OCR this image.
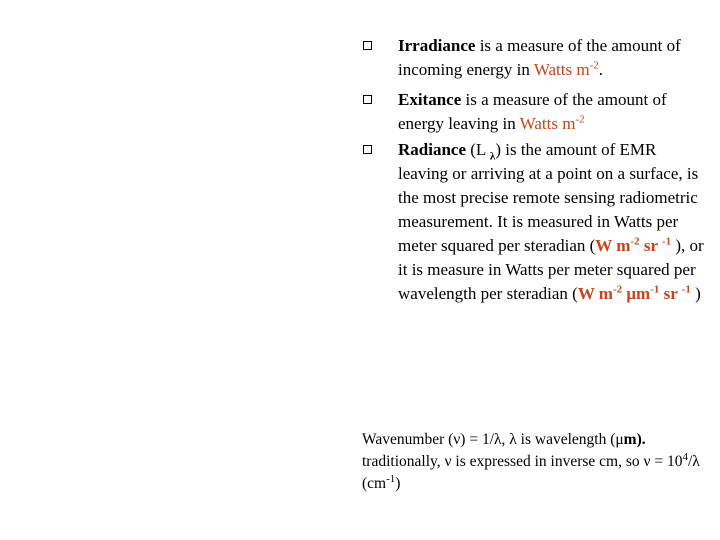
Irradiance is a measure of the amount of incoming energy in Watts $m^{-2}$.
Exitance is a measure of the amount of energy leaving in Watts $m^{-2}$
Radiance (L $_\lambda$) is the amount of EMR leaving or arriving at a point on a surface, is the most precise remote sensing radiometric measurement. It is measured in Watts per meter squared per steradian (W $m^{-2}$ sr $^{-1}$ ), or it is measure in Watts per meter squared per wavelength per steradian (W $m^{-2}$ $\mu m^{-1}$ sr $^{-1}$ )

Wavenumber (ν) = 1/λ, λ is wavelength (μm). traditionally, ν is expressed in inverse cm, so $\nu = 10^4/\lambda$ $(cm^{-1})$
